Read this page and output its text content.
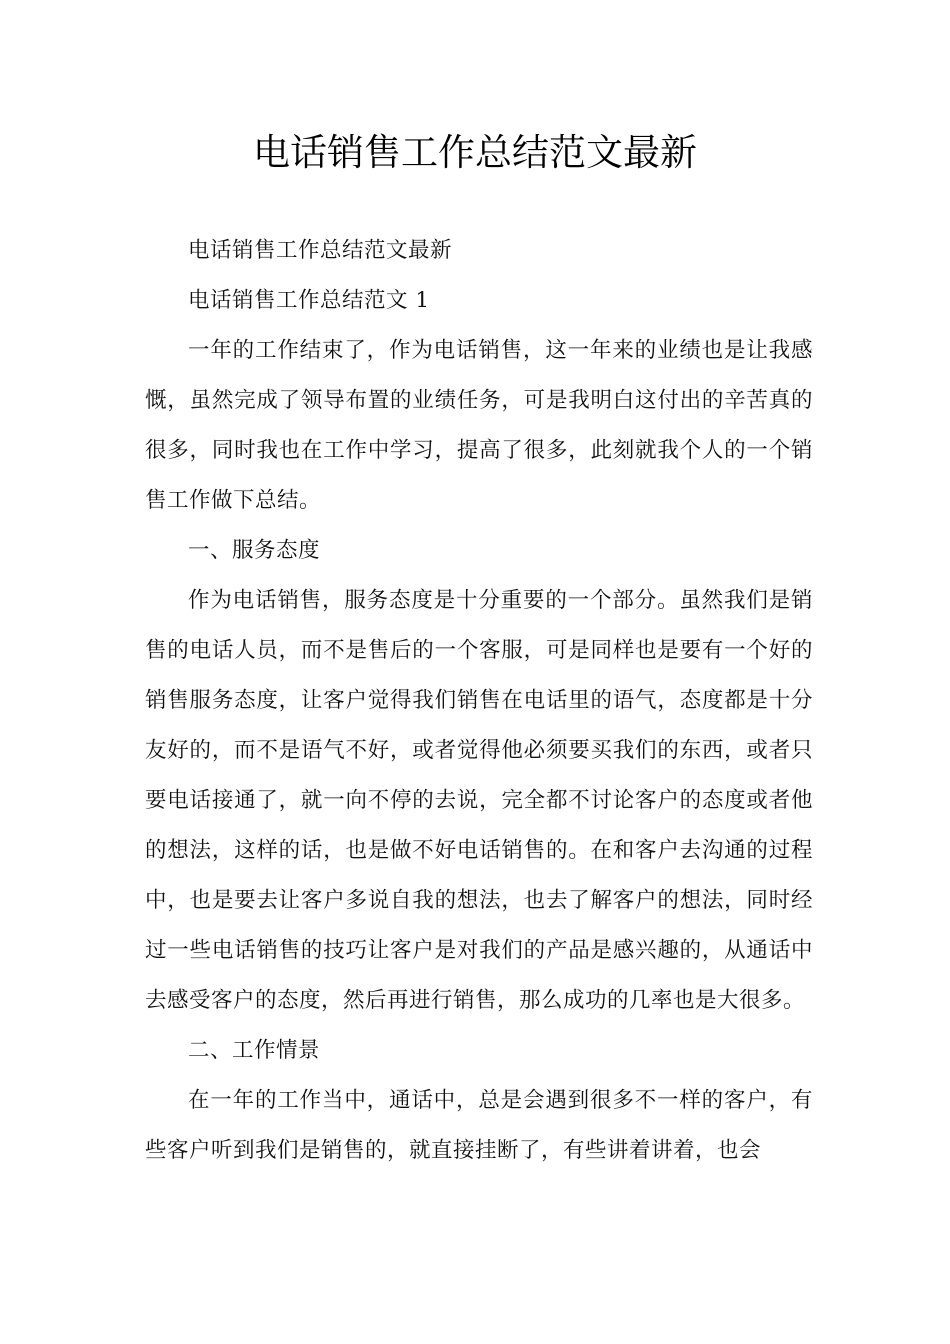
电话销售工作总结范文最新

电话销售工作总结范文最新

电话销售工作总结范文 1

一年的工作结束了，作为电话销售，这一年来的业绩也是让我感慨，虽然完成了领导布置的业绩任务，可是我明白这付出的辛苦真的很多，同时我也在工作中学习，提高了很多，此刻就我个人的一个销售工作做下总结。

一、服务态度

作为电话销售，服务态度是十分重要的一个部分。虽然我们是销售的电话人员，而不是售后的一个客服，可是同样也是要有一个好的销售服务态度，让客户觉得我们销售在电话里的语气，态度都是十分友好的，而不是语气不好，或者觉得他必须要买我们的东西，或者只要电话接通了，就一向不停的去说，完全都不讨论客户的态度或者他的想法，这样的话，也是做不好电话销售的。在和客户去沟通的过程中，也是要去让客户多说自我的想法，也去了解客户的想法，同时经过一些电话销售的技巧让客户是对我们的产品是感兴趣的，从通话中去感受客户的态度，然后再进行销售，那么成功的几率也是大很多。

二、工作情景

在一年的工作当中，通话中，总是会遇到很多不一样的客户，有些客户听到我们是销售的，就直接挂断了，有些讲着讲着，也会
